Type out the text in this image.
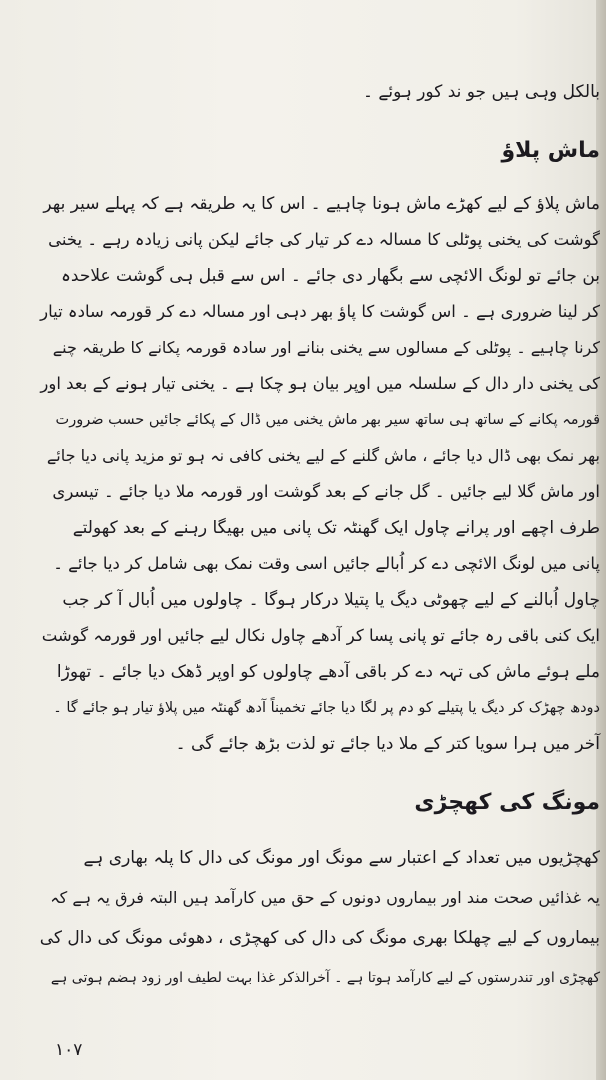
بالکل وہی ہیں جو ند کور ہوئے ۔
ماش پلاؤ
ماش پلاؤ کے لیے کھڑے ماش ہونا چاہیے ۔ اس کا یہ طریقہ ہے کہ پہلے سیر بھر
گوشت کی یخنی پوٹلی کا مسالہ دے کر تیار کی جائے لیکن پانی زیادہ رہے ۔ یخنی
بن جائے تو لونگ الائچی سے بگھار دی جائے ۔ اس سے قبل ہی گوشت علاحدہ
کر لینا ضروری ہے ۔ اس گوشت کا پاؤ بھر دہی اور مسالہ دے کر قورمہ سادہ تیار
کرنا چاہیے ۔ پوٹلی کے مسالوں سے یخنی بنانے اور سادہ قورمہ پکانے کا طریقہ چنے
کی یخنی دار دال کے سلسلہ میں اوپر بیان ہو چکا ہے ۔ یخنی تیار ہونے کے بعد اور
قورمہ پکانے کے ساتھ ہی ساتھ سیر بھر ماش یخنی میں ڈال کے پکائے جائیں حسب ضرورت
بھر نمک بھی ڈال دیا جائے ، ماش گلنے کے لیے یخنی کافی نہ ہو تو مزید پانی دیا جائے
اور ماش گلا لیے جائیں ۔ گل جانے کے بعد گوشت اور قورمہ ملا دیا جائے ۔ تیسری
طرف اچھے اور پرانے چاول ایک گھنٹہ تک پانی میں بھیگا رہنے کے بعد کھولتے
پانی میں لونگ الائچی دے کر اُبالے جائیں اسی وقت نمک بھی شامل کر دیا جائے ۔
چاول اُبالنے کے لیے چھوٹی دیگ یا پتیلا درکار ہوگا ۔ چاولوں میں اُبال آ کر جب
ایک کنی باقی رہ جائے تو پانی پسا کر آدھے چاول نکال لیے جائیں اور قورمہ گوشت
ملے ہوئے ماش کی تہہ دے کر باقی آدھے چاولوں کو اوپر ڈھک دیا جائے ۔ تھوڑا
دودھ چھڑک کر دیگ یا پتیلے کو دم پر لگا دیا جائے تخمیناً آدھ گھنٹہ میں پلاؤ تیار ہو جائے گا ۔
آخر میں ہرا سویا کتر کے ملا دیا جائے تو لذت بڑھ جائے گی ۔
مونگ کی کھچڑی
کھچڑیوں میں تعداد کے اعتبار سے مونگ اور مونگ کی دال کا پلہ بھاری ہے
یہ غذائیں صحت مند اور بیماروں دونوں کے حق میں کارآمد ہیں البتہ فرق یہ ہے کہ
بیماروں کے لیے چھلکا بھری مونگ کی دال کی کھچڑی ، دھوئی مونگ کی دال کی
کھچڑی اور تندرستوں کے لیے کارآمد ہوتا ہے ۔ آخرالذکر غذا بہت لطیف اور زود ہضم ہوتی ہے
۱۰۷
